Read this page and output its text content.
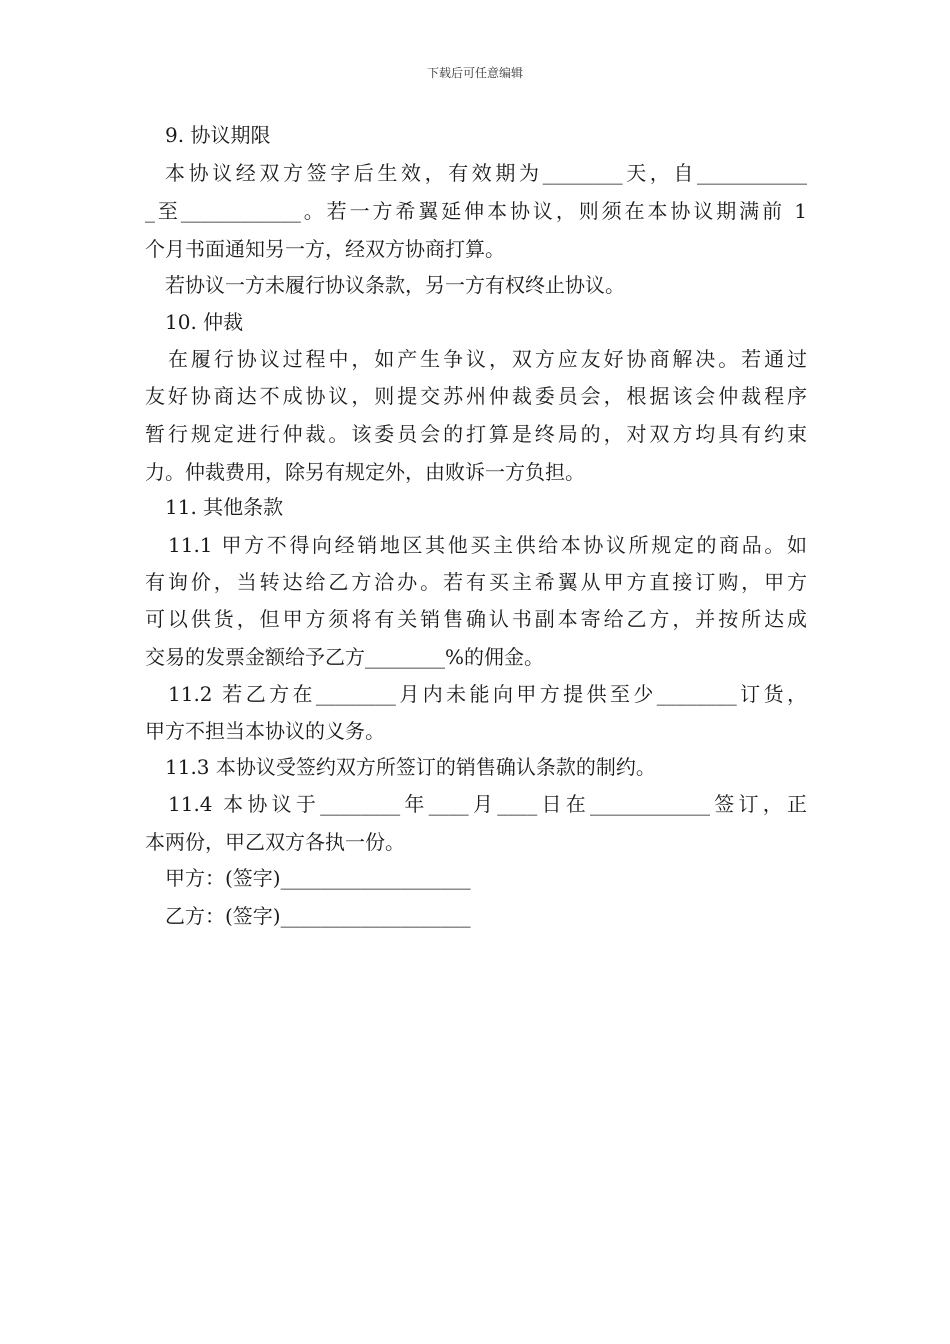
下载后可任意编辑
9. 协议期限
本协议经双方签字后生效，有效期为________天，自___________
_至____________。若一方希翼延伸本协议，则须在本协议期满前 1
个月书面通知另一方，经双方协商打算。
若协议一方未履行协议条款，另一方有权终止协议。
10. 仲裁
在履行协议过程中，如产生争议，双方应友好协商解决。若通过
友好协商达不成协议，则提交苏州仲裁委员会，根据该会仲裁程序
暂行规定进行仲裁。该委员会的打算是终局的，对双方均具有约束
力。仲裁费用，除另有规定外，由败诉一方负担。
11. 其他条款
11.1 甲方不得向经销地区其他买主供给本协议所规定的商品。如
有询价，当转达给乙方洽办。若有买主希翼从甲方直接订购，甲方
可以供货，但甲方须将有关销售确认书副本寄给乙方，并按所达成
交易的发票金额给予乙方________%的佣金。
11.2 若乙方在________月内未能向甲方提供至少________订货，
甲方不担当本协议的义务。
11.3 本协议受签约双方所签订的销售确认条款的制约。
11.4 本协议于________年____月____日在____________签订，正
本两份，甲乙双方各执一份。
甲方：(签字)___________________
乙方：(签字)___________________
